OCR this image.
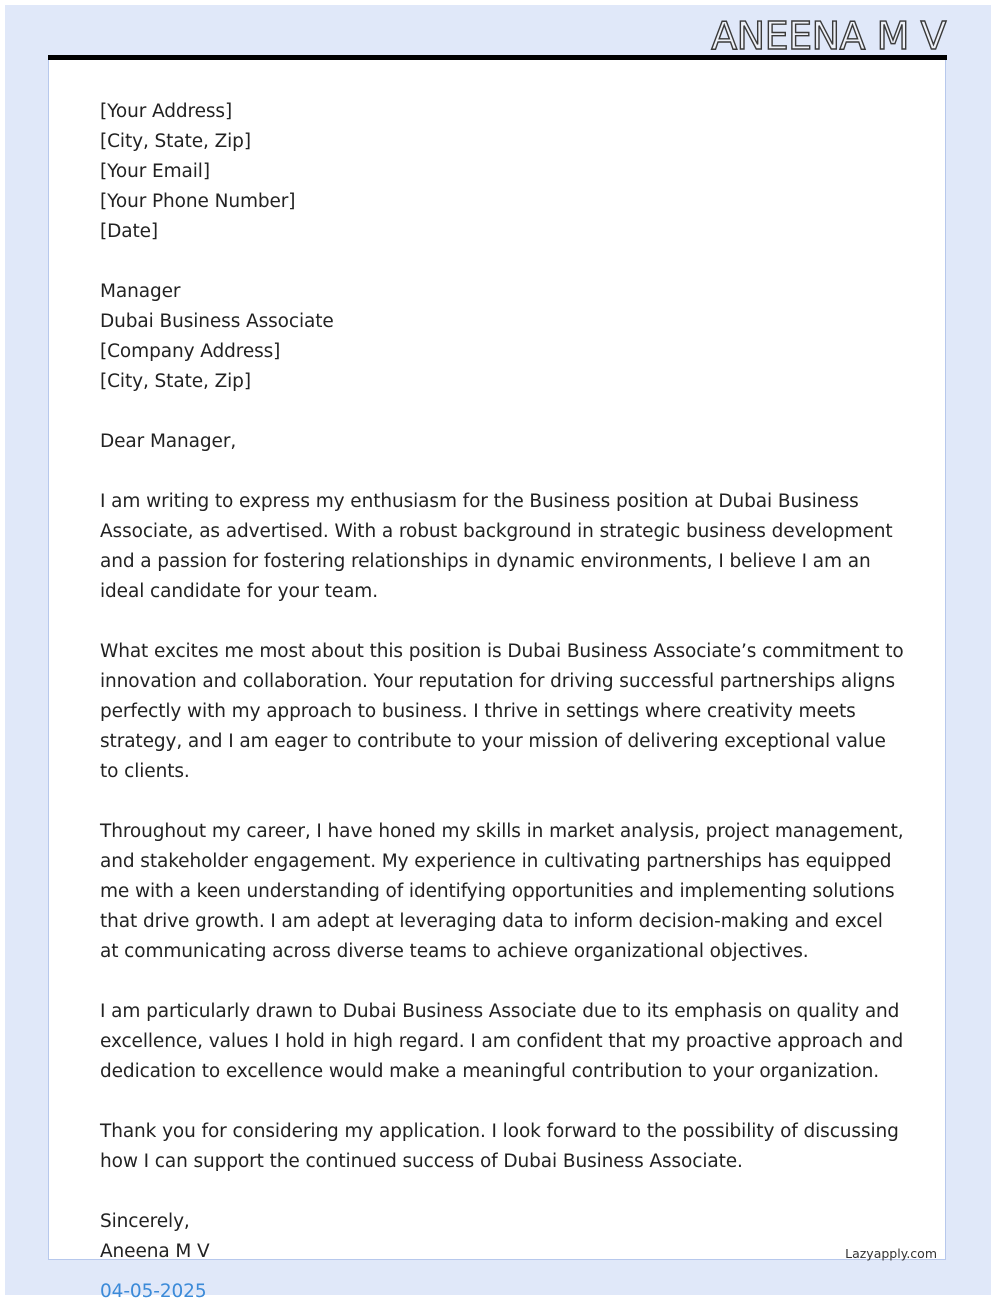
ANEENA M V
[Your Address]
[City, State, Zip]
[Your Email]
[Your Phone Number]
[Date]
Manager
Dubai Business Associate
[Company Address]
[City, State, Zip]
Dear Manager,

I am writing to express my enthusiasm for the Business position at Dubai Business Associate, as advertised. With a robust background in strategic business development and a passion for fostering relationships in dynamic environments, I believe I am an ideal candidate for your team.

What excites me most about this position is Dubai Business Associate’s commitment to innovation and collaboration. Your reputation for driving successful partnerships aligns perfectly with my approach to business. I thrive in settings where creativity meets strategy, and I am eager to contribute to your mission of delivering exceptional value to clients.

Throughout my career, I have honed my skills in market analysis, project management, and stakeholder engagement. My experience in cultivating partnerships has equipped me with a keen understanding of identifying opportunities and implementing solutions that drive growth. I am adept at leveraging data to inform decision-making and excel at communicating across diverse teams to achieve organizational objectives.

I am particularly drawn to Dubai Business Associate due to its emphasis on quality and excellence, values I hold in high regard. I am confident that my proactive approach and dedication to excellence would make a meaningful contribution to your organization.

Thank you for considering my application. I look forward to the possibility of discussing how I can support the continued success of Dubai Business Associate.

Sincerely,
Aneena M V
04-05-2025
Lazyapply.com
